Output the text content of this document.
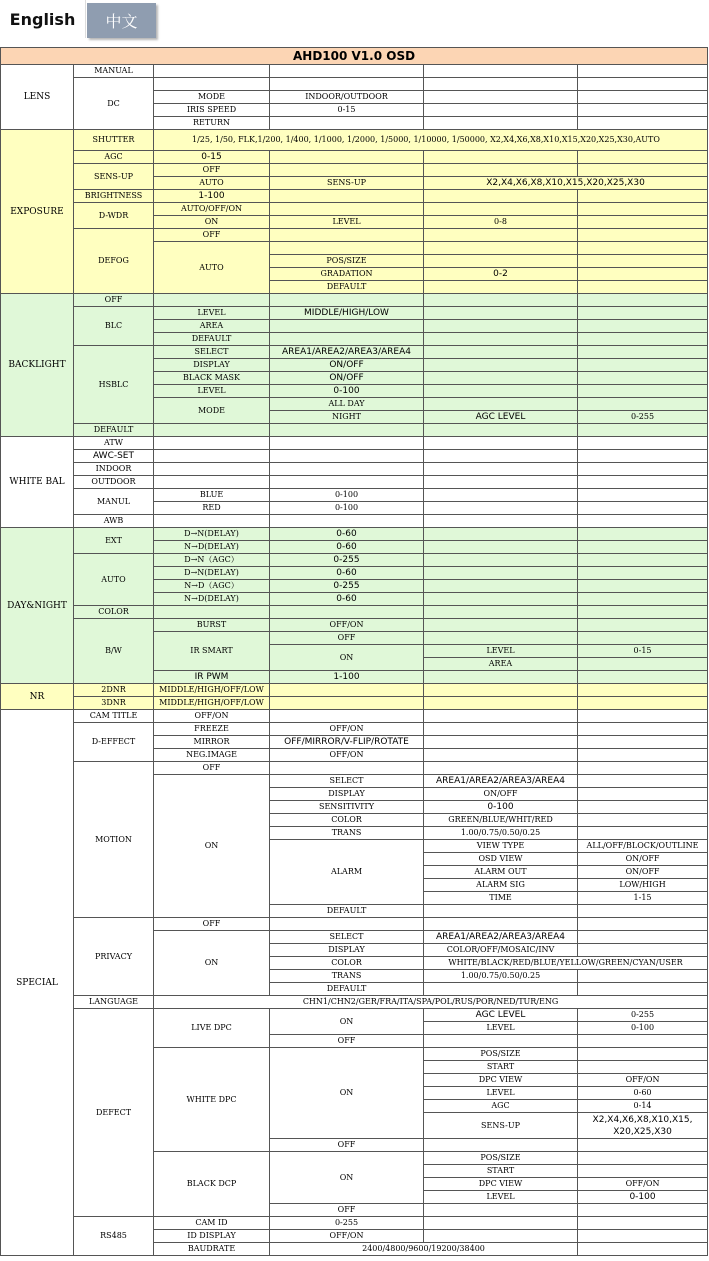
English	中文
AHD100 V1.0 OSD					
LENS	MANUAL				
	DC				
		MODE	INDOOR/OUTDOOR		
		IRIS SPEED	0-15		
		RETURN			
EXPOSURE	SHUTTER	1/25, 1/50, FLK,1/200, 1/400, 1/1000, 1/2000, 1/5000, 1/10000, 1/50000, X2,X4,X6,X8,X10,X15,X20,X25,X30,AUTO			
	AGC	0-15			
	SENS-UP	OFF			
		AUTO	SENS-UP	X2,X4,X6,X8,X10,X15,X20,X25,X30	
	BRIGHTNESS	1-100			
	D-WDR	AUTO/OFF/ON			
		ON	LEVEL	0-8	
	DEFOG	OFF			
		AUTO			
			POS/SIZE		
			GRADATION	0-2	
			DEFAULT		
BACKLIGHT	OFF				
	BLC	LEVEL	MIDDLE/HIGH/LOW		
		AREA			
		DEFAULT			
	HSBLC	SELECT	AREA1/AREA2/AREA3/AREA4		
		DISPLAY	ON/OFF		
		BLACK MASK	ON/OFF		
		LEVEL	0-100		
		MODE	ALL DAY		
			NIGHT	AGC LEVEL	0-255
	DEFAULT				
WHITE BAL	ATW				
	AWC-SET				
	INDOOR				
	OUTDOOR				
	MANUL	BLUE	0-100		
		RED	0-100		
	AWB				
DAY&NIGHT	EXT	D→N(DELAY)	0-60		
		N→D(DELAY)	0-60		
	AUTO	D→N（AGC）	0-255		
		D→N(DELAY)	0-60		
		N→D（AGC）	0-255		
		N→D(DELAY)	0-60		
	COLOR				
	B/W	BURST	OFF/ON		
		IR SMART	OFF		
			ON	LEVEL	0-15
				AREA	
		IR PWM	1-100		
NR	2DNR	MIDDLE/HIGH/OFF/LOW			
	3DNR	MIDDLE/HIGH/OFF/LOW			
SPECIAL	CAM TITLE	OFF/ON			
	D-EFFECT	FREEZE	OFF/ON		
		MIRROR	OFF/MIRROR/V-FLIP/ROTATE		
		NEG.IMAGE	OFF/ON		
	MOTION	OFF			
		ON	SELECT	AREA1/AREA2/AREA3/AREA4	
			DISPLAY	ON/OFF	
			SENSITIVITY	0-100	
			COLOR	GREEN/BLUE/WHIT/RED	
			TRANS	1.00/0.75/0.50/0.25	
			ALARM	VIEW TYPE	ALL/OFF/BLOCK/OUTLINE
				OSD VIEW	ON/OFF
				ALARM OUT	ON/OFF
				ALARM SIG	LOW/HIGH
				TIME	1-15
			DEFAULT		
	PRIVACY	OFF			
		ON	SELECT	AREA1/AREA2/AREA3/AREA4	
			DISPLAY	COLOR/OFF/MOSAIC/INV	
			COLOR	WHITE/BLACK/RED/BLUE/YELLOW/GREEN/CYAN/USER	
			TRANS	1.00/0.75/0.50/0.25	
			DEFAULT		
	LANGUAGE	CHN1/CHN2/GER/FRA/ITA/SPA/POL/RUS/POR/NED/TUR/ENG			
	DEFECT	LIVE DPC	ON	AGC LEVEL	0-255
				LEVEL	0-100
			OFF		
		WHITE DPC	ON	POS/SIZE	
				START	
				DPC VIEW	OFF/ON
				LEVEL	0-60
				AGC	0-14
				SENS-UP	X2,X4,X6,X8,X10,X15, X20,X25,X30
			OFF		
		BLACK DCP	ON	POS/SIZE	
				START	
				DPC VIEW	OFF/ON
				LEVEL	0-100
			OFF		
	RS485	CAM ID	0-255		
		ID DISPLAY	OFF/ON		
		BAUDRATE	2400/4800/9600/19200/38400		
